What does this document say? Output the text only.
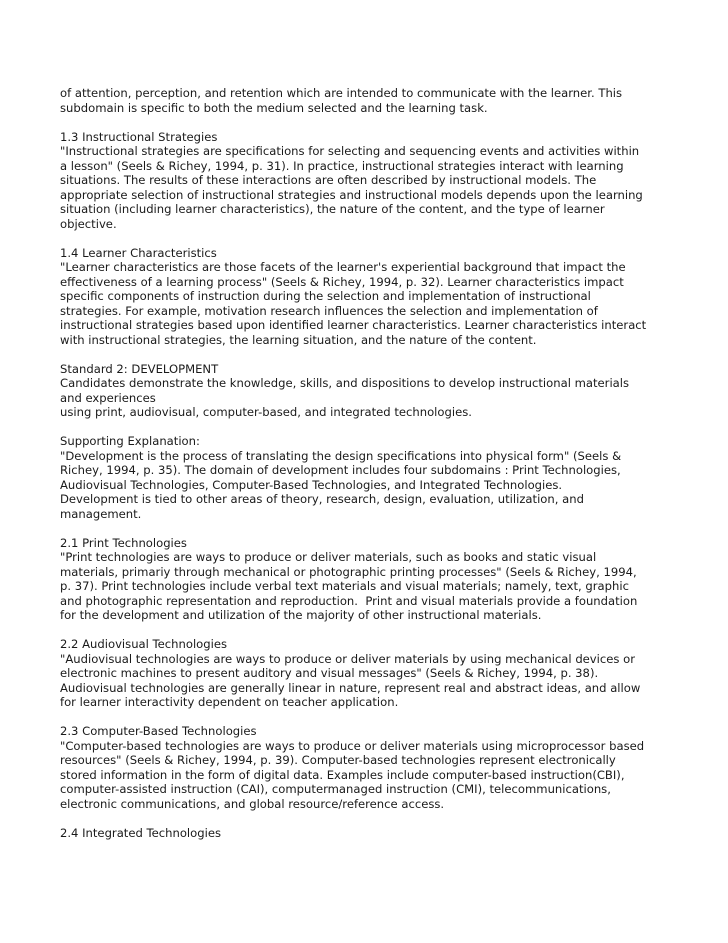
of attention, perception, and retention which are intended to communicate with the learner. This
subdomain is specific to both the medium selected and the learning task.
1.3 Instructional Strategies
"Instructional strategies are specifications for selecting and sequencing events and activities within
a lesson" (Seels & Richey, 1994, p. 31). In practice, instructional strategies interact with learning
situations. The results of these interactions are often described by instructional models. The
appropriate selection of instructional strategies and instructional models depends upon the learning
situation (including learner characteristics), the nature of the content, and the type of learner
objective.
1.4 Learner Characteristics
"Learner characteristics are those facets of the learner's experiential background that impact the
effectiveness of a learning process" (Seels & Richey, 1994, p. 32). Learner characteristics impact
specific components of instruction during the selection and implementation of instructional
strategies. For example, motivation research influences the selection and implementation of
instructional strategies based upon identified learner characteristics. Learner characteristics interact
with instructional strategies, the learning situation, and the nature of the content.
Standard 2: DEVELOPMENT
Candidates demonstrate the knowledge, skills, and dispositions to develop instructional materials
and experiences
using print, audiovisual, computer-based, and integrated technologies.
Supporting Explanation:
"Development is the process of translating the design specifications into physical form" (Seels &
Richey, 1994, p. 35). The domain of development includes four subdomains : Print Technologies,
Audiovisual Technologies, Computer-Based Technologies, and Integrated Technologies.
Development is tied to other areas of theory, research, design, evaluation, utilization, and
management.
2.1 Print Technologies
"Print technologies are ways to produce or deliver materials, such as books and static visual
materials, primariy through mechanical or photographic printing processes" (Seels & Richey, 1994,
p. 37). Print technologies include verbal text materials and visual materials; namely, text, graphic
and photographic representation and reproduction.  Print and visual materials provide a foundation
for the development and utilization of the majority of other instructional materials.
2.2 Audiovisual Technologies
"Audiovisual technologies are ways to produce or deliver materials by using mechanical devices or
electronic machines to present auditory and visual messages" (Seels & Richey, 1994, p. 38).
Audiovisual technologies are generally linear in nature, represent real and abstract ideas, and allow
for learner interactivity dependent on teacher application.
2.3 Computer-Based Technologies
"Computer-based technologies are ways to produce or deliver materials using microprocessor based
resources" (Seels & Richey, 1994, p. 39). Computer-based technologies represent electronically
stored information in the form of digital data. Examples include computer-based instruction(CBI),
computer-assisted instruction (CAI), computermanaged instruction (CMI), telecommunications,
electronic communications, and global resource/reference access.
2.4 Integrated Technologies
